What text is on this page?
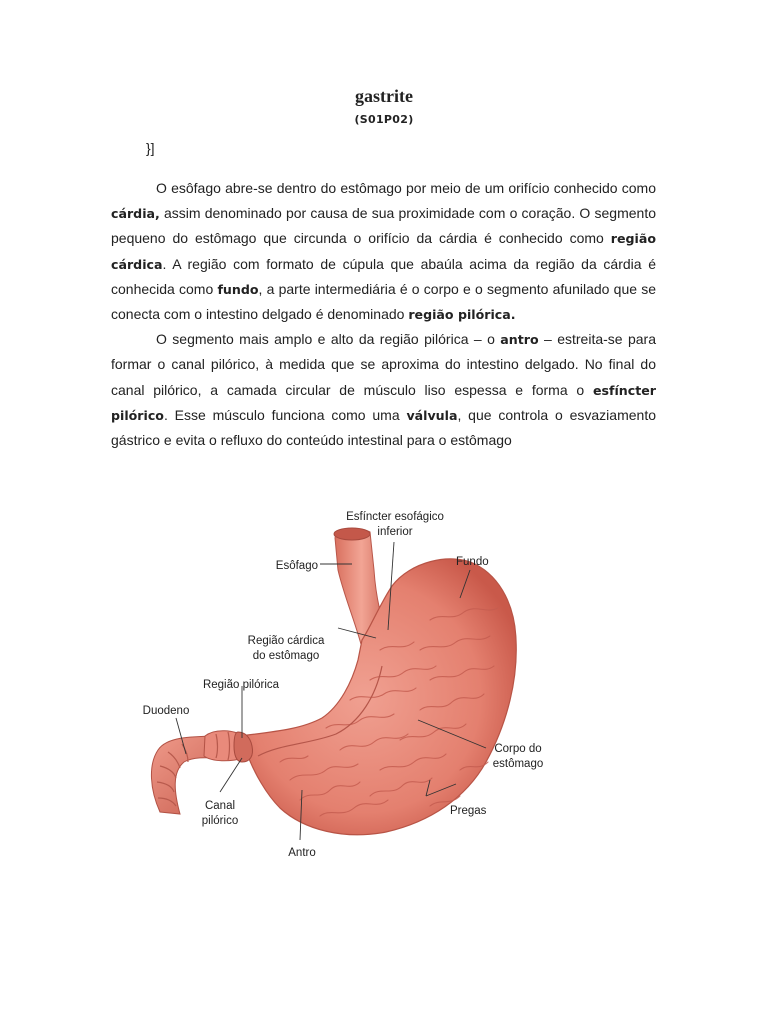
gastrite
(S01P02)
}]

O esôfago abre-se dentro do estômago por meio de um orifício conhecido como cárdia, assim denominado por causa de sua proximidade com o coração. O segmento pequeno do estômago que circunda o orifício da cárdia é conhecido como região cárdica. A região com formato de cúpula que abaúla acima da região da cárdia é conhecida como fundo, a parte intermediária é o corpo e o segmento afunilado que se conecta com o intestino delgado é denominado região pilórica.

O segmento mais amplo e alto da região pilórica – o antro – estreita-se para formar o canal pilórico, à medida que se aproxima do intestino delgado. No final do canal pilórico, a camada circular de músculo liso espessa e forma o esfíncter pilórico. Esse músculo funciona como uma válvula, que controla o esvaziamento gástrico e evita o refluxo do conteúdo intestinal para o estômago

Esfíncter esofágico
inferior
Esôfago	Fundo
Região cárdica
do estômago
Região pilórica
Duodeno
Corpo do
estômago
Canal
pilórico
Pregas
Antro
